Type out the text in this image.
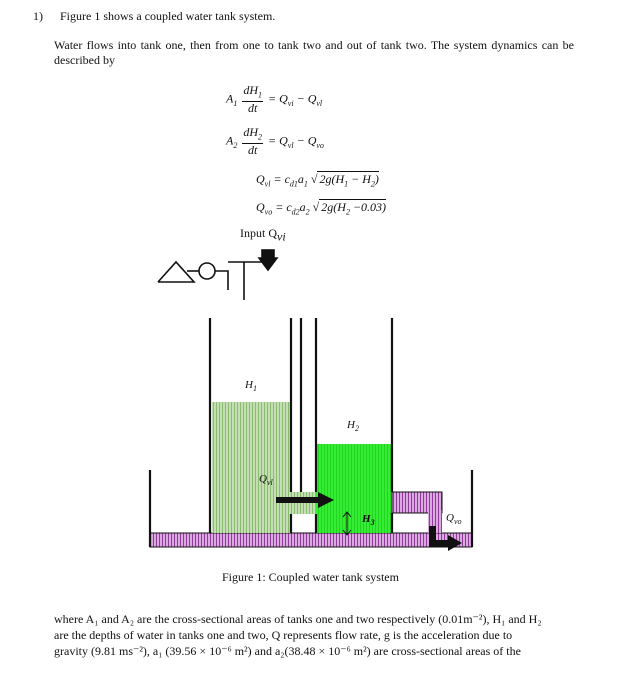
1) Figure 1 shows a coupled water tank system.
Water flows into tank one, then from one to tank two and out of tank two. The system dynamics can be described by
$A_1 \frac{dH_1}{dt} = Q_{vi} - Q_{vl}$
$A_2 \frac{dH_2}{dt} = Q_{vl} - Q_{vo}$
$Q_{vl} = c_{d1}a_1$ √ $2g(H_1 - H_2)$
$Q_{vo} = c_{d2}a_2$ √ $2g(H_2 -0.03)$
Input $Q_{vi}$
$H_1$
$H_2$
$Q_{vl}$
$H_3$	$Q_{vo}$
Figure 1: Coupled water tank system
where A₁ and A₂ are the cross-sectional areas of tanks one and two respectively (0.01m⁻²), H₁ and H₂
are the depths of water in tanks one and two, Q represents flow rate, g is the acceleration due to
gravity (9.81 ms⁻²), a₁ (39.56 × 10⁻⁶ m²) and a₂(38.48 × 10⁻⁶ m²) are cross-sectional areas of the
